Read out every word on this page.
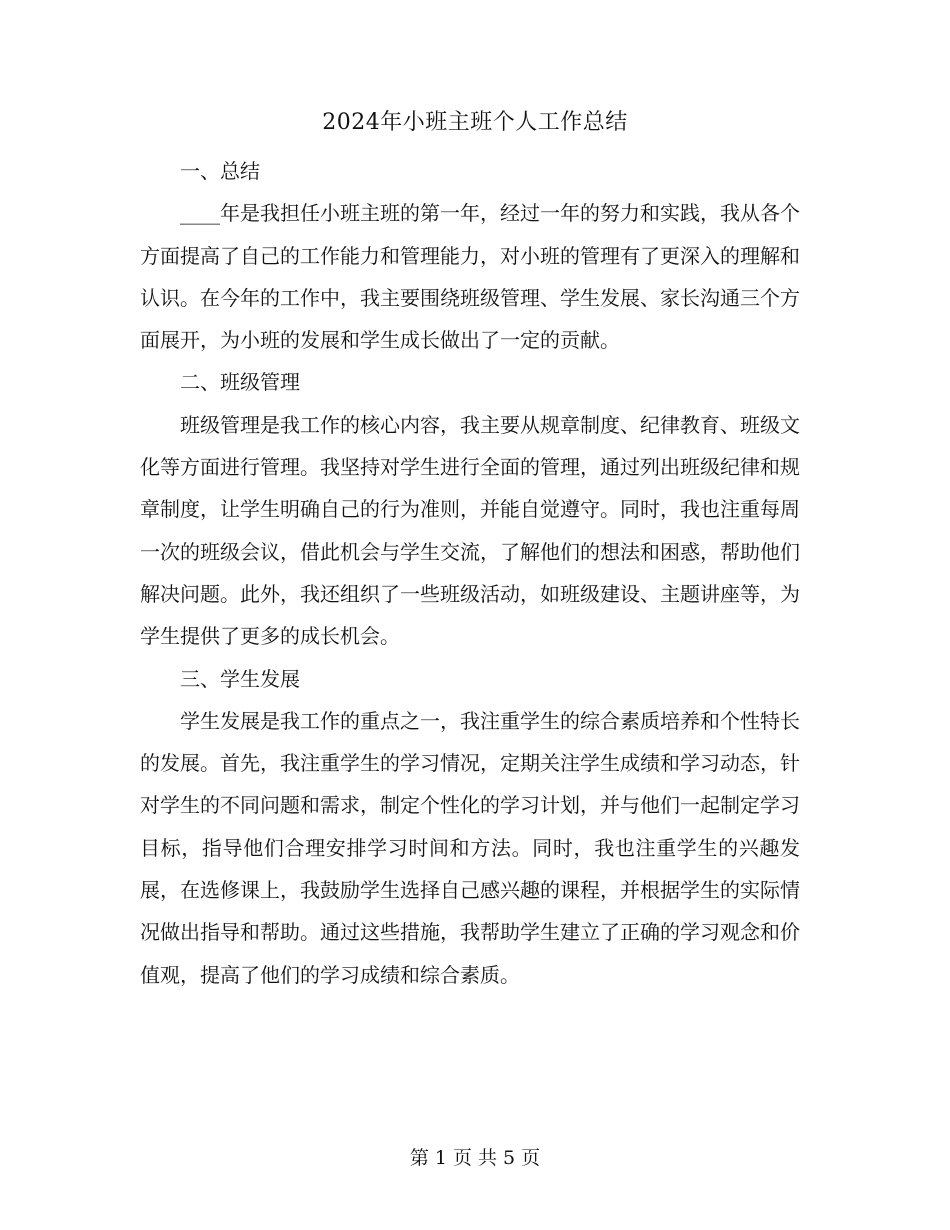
2024年小班主班个人工作总结

一、总结

____年是我担任小班主班的第一年，经过一年的努力和实践，我从各个方面提高了自己的工作能力和管理能力，对小班的管理有了更深入的理解和认识。在今年的工作中，我主要围绕班级管理、学生发展、家长沟通三个方面展开，为小班的发展和学生成长做出了一定的贡献。

二、班级管理

班级管理是我工作的核心内容，我主要从规章制度、纪律教育、班级文化等方面进行管理。我坚持对学生进行全面的管理，通过列出班级纪律和规章制度，让学生明确自己的行为准则，并能自觉遵守。同时，我也注重每周一次的班级会议，借此机会与学生交流，了解他们的想法和困惑，帮助他们解决问题。此外，我还组织了一些班级活动，如班级建设、主题讲座等，为学生提供了更多的成长机会。

三、学生发展

学生发展是我工作的重点之一，我注重学生的综合素质培养和个性特长的发展。首先，我注重学生的学习情况，定期关注学生成绩和学习动态，针对学生的不同问题和需求，制定个性化的学习计划，并与他们一起制定学习目标，指导他们合理安排学习时间和方法。同时，我也注重学生的兴趣发展，在选修课上，我鼓励学生选择自己感兴趣的课程，并根据学生的实际情况做出指导和帮助。通过这些措施，我帮助学生建立了正确的学习观念和价值观，提高了他们的学习成绩和综合素质。

第 1 页 共 5 页
